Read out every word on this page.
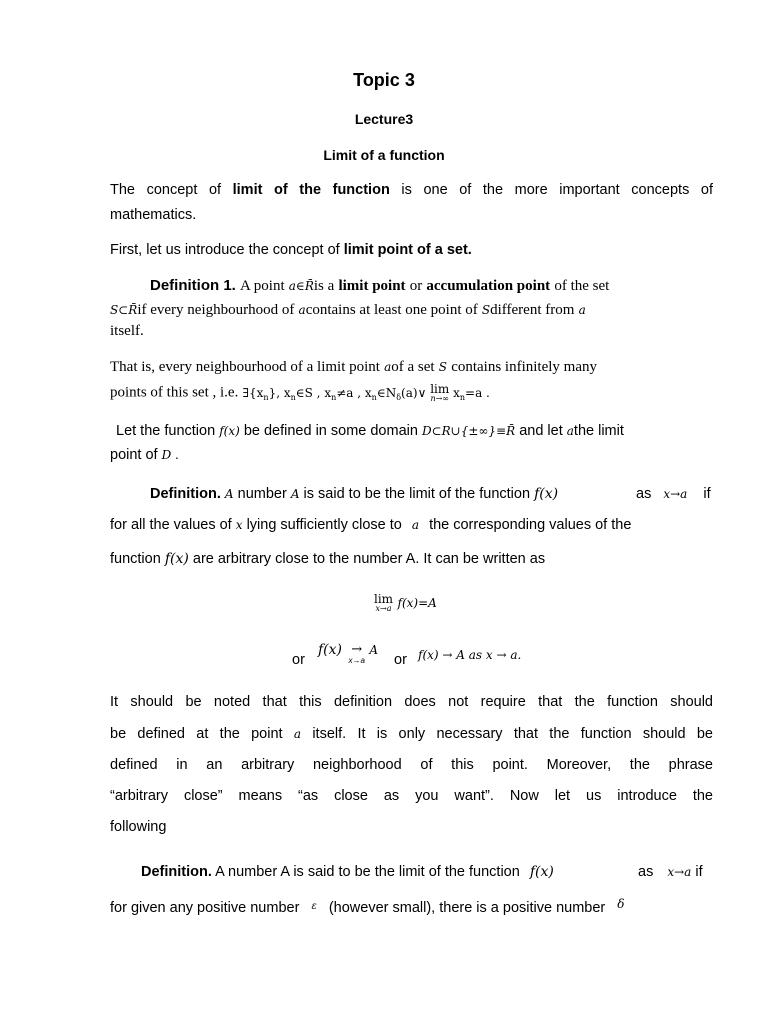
Topic 3
Lecture3
Limit of a function
The concept of limit of the function is one of the more important concepts of
mathematics.
First, let us introduce the concept of limit point of a set.
Definition 1. A point a∈R̄is a limit point or accumulation point of the set
S⊂R̄if every neighbourhood of acontains at least one point of Sdifferent from a
itself.
That is, every neighbourhood of a limit point aof a set S contains infinitely many
points of this set , i.e. $\exists\{x_n\}$, $x_n\in S$ , $x_n\ne a$ , $x_n\in N_\delta(a)\vee$ lim
n→∞ $x_n=a$ .
Let the function f(x) be defined in some domain D⊂R∪{±∞}≡R̄ and let athe limit
point of D .
Definition. A number A is said to be the limit of the function f(x)	as x→a if
for all the values of x lying sufficiently close to a the corresponding values of the
function f(x) are arbitrary close to the number A. It can be written as
lim
x→a f(x)=A
or
f(x) →
x→a
A
or f(x) → A as x → a.
It should be noted that this definition does not require that the function should
be defined at the point a itself. It is only necessary that the function should be
defined in an arbitrary neighborhood of this point. Moreover, the phrase
“arbitrary close” means “as close as you want”. Now let us introduce the
following
Definition. A number A is said to be the limit of the function f(x)	as x→a if
for given any positive number $^\varepsilon$ (however small), there is a positive number $^\delta$
